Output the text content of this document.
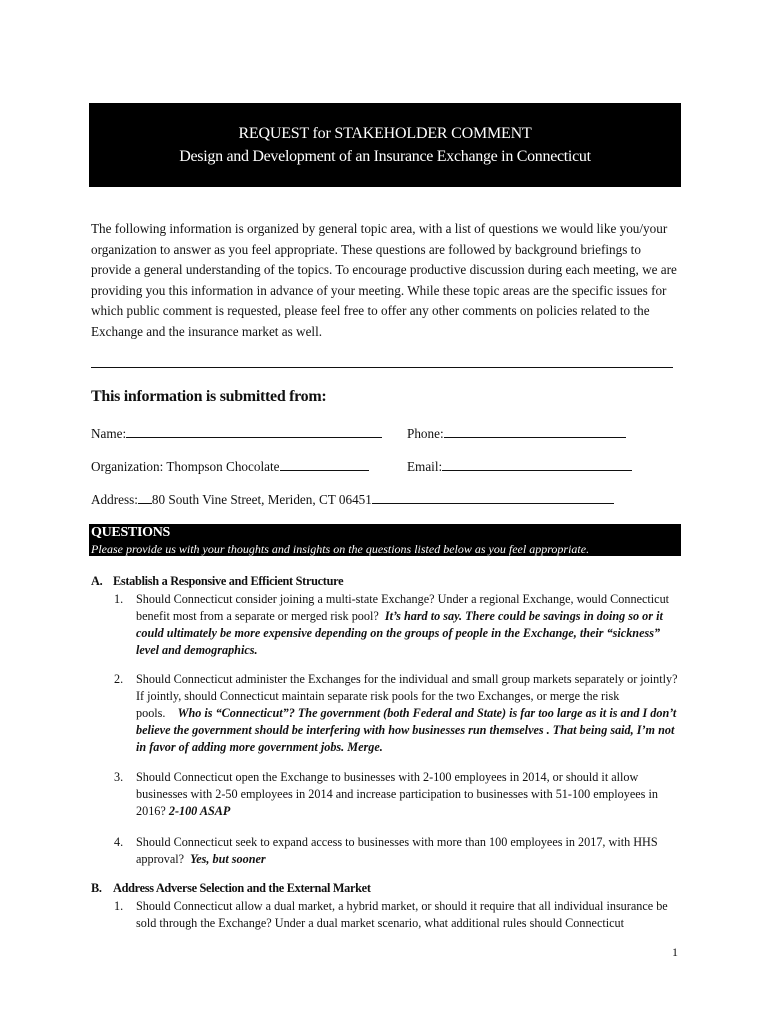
REQUEST for STAKEHOLDER COMMENT
Design and Development of an Insurance Exchange in Connecticut

The following information is organized by general topic area, with a list of questions we would like you/your organization to answer as you feel appropriate. These questions are followed by background briefings to provide a general understanding of the topics. To encourage productive discussion during each meeting, we are providing you this information in advance of your meeting. While these topic areas are the specific issues for which public comment is requested, please feel free to offer any other comments on policies related to the Exchange and the insurance market as well.

This information is submitted from:
Name:	Phone:
Organization: Thompson Chocolate	Email:
Address: 80 South Vine Street, Meriden, CT 06451
QUESTIONS
Please provide us with your thoughts and insights on the questions listed below as you feel appropriate.
A. Establish a Responsive and Efficient Structure
1. Should Connecticut consider joining a multi-state Exchange? Under a regional Exchange, would Connecticut benefit most from a separate or merged risk pool? It’s hard to say. There could be savings in doing so or it could ultimately be more expensive depending on the groups of people in the Exchange, their “sickness” level and demographics.
2. Should Connecticut administer the Exchanges for the individual and small group markets separately or jointly? If jointly, should Connecticut maintain separate risk pools for the two Exchanges, or merge the risk pools. Who is “Connecticut”? The government (both Federal and State) is far too large as it is and I don’t believe the government should be interfering with how businesses run themselves . That being said, I’m not in favor of adding more government jobs. Merge.
3. Should Connecticut open the Exchange to businesses with 2-100 employees in 2014, or should it allow businesses with 2-50 employees in 2014 and increase participation to businesses with 51-100 employees in 2016? 2-100 ASAP
4. Should Connecticut seek to expand access to businesses with more than 100 employees in 2017, with HHS approval? Yes, but sooner
B. Address Adverse Selection and the External Market
1. Should Connecticut allow a dual market, a hybrid market, or should it require that all individual insurance be sold through the Exchange? Under a dual market scenario, what additional rules should Connecticut
1
